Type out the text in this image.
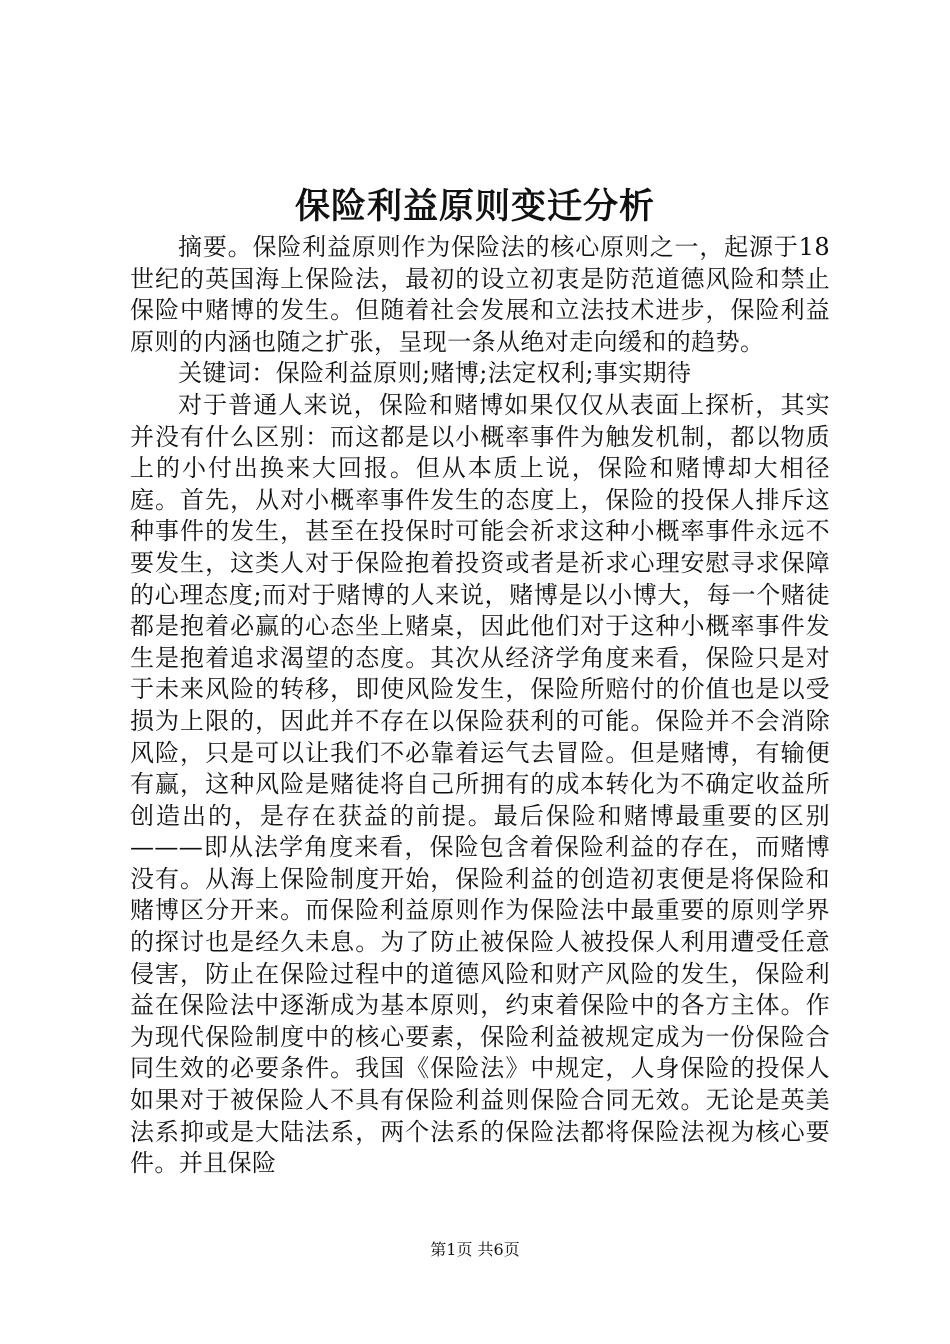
保险利益原则变迁分析

摘要。保险利益原则作为保险法的核心原则之一，起源于18世纪的英国海上保险法，最初的设立初衷是防范道德风险和禁止保险中赌博的发生。但随着社会发展和立法技术进步，保险利益原则的内涵也随之扩张，呈现一条从绝对走向缓和的趋势。

关键词：保险利益原则;赌博;法定权利;事实期待

对于普通人来说，保险和赌博如果仅仅从表面上探析，其实并没有什么区别：而这都是以小概率事件为触发机制，都以物质上的小付出换来大回报。但从本质上说，保险和赌博却大相径庭。首先，从对小概率事件发生的态度上，保险的投保人排斥这种事件的发生，甚至在投保时可能会祈求这种小概率事件永远不要发生，这类人对于保险抱着投资或者是祈求心理安慰寻求保障的心理态度;而对于赌博的人来说，赌博是以小博大，每一个赌徒都是抱着必赢的心态坐上赌桌，因此他们对于这种小概率事件发生是抱着追求渴望的态度。其次从经济学角度来看，保险只是对于未来风险的转移，即使风险发生，保险所赔付的价值也是以受损为上限的，因此并不存在以保险获利的可能。保险并不会消除风险，只是可以让我们不必靠着运气去冒险。但是赌博，有输便有赢，这种风险是赌徒将自己所拥有的成本转化为不确定收益所创造出的，是存在获益的前提。最后保险和赌博最重要的区别———即从法学角度来看，保险包含着保险利益的存在，而赌博没有。从海上保险制度开始，保险利益的创造初衷便是将保险和赌博区分开来。而保险利益原则作为保险法中最重要的原则学界的探讨也是经久未息。为了防止被保险人被投保人利用遭受任意侵害，防止在保险过程中的道德风险和财产风险的发生，保险利益在保险法中逐渐成为基本原则，约束着保险中的各方主体。作为现代保险制度中的核心要素，保险利益被规定成为一份保险合同生效的必要条件。我国《保险法》中规定，人身保险的投保人如果对于被保险人不具有保险利益则保险合同无效。无论是英美法系抑或是大陆法系，两个法系的保险法都将保险法视为核心要件。并且保险

第1页 共6页
